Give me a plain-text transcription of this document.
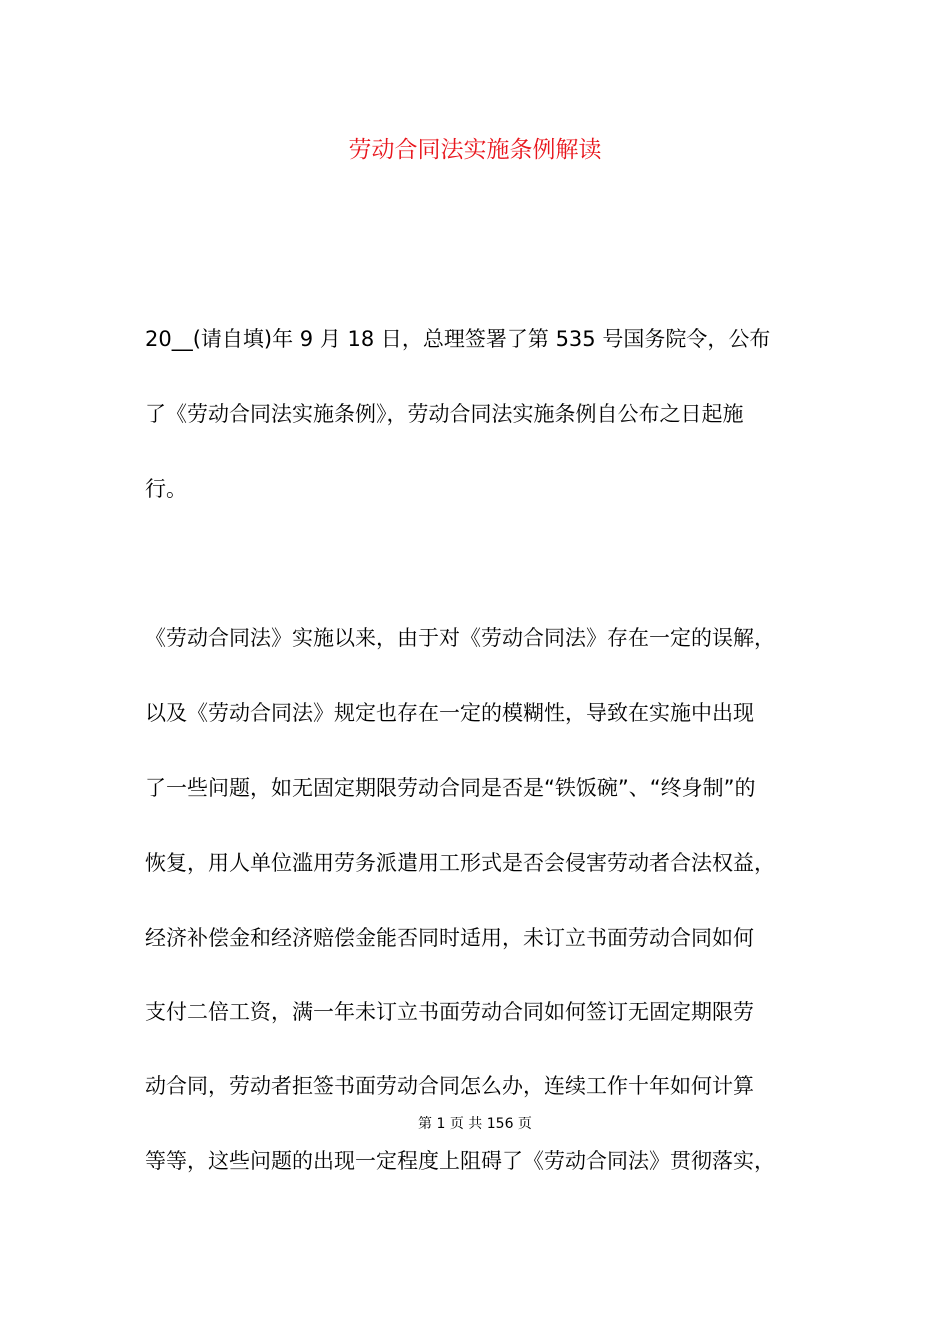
劳动合同法实施条例解读

20__(请自填)年 9 月 18 日，总理签署了第 535 号国务院令，公布

了《劳动合同法实施条例》，劳动合同法实施条例自公布之日起施

行。

《劳动合同法》实施以来，由于对《劳动合同法》存在一定的误解，

以及《劳动合同法》规定也存在一定的模糊性，导致在实施中出现

了一些问题，如无固定期限劳动合同是否是“铁饭碗”、“终身制”的

恢复，用人单位滥用劳务派遣用工形式是否会侵害劳动者合法权益，

经济补偿金和经济赔偿金能否同时适用，未订立书面劳动合同如何

支付二倍工资，满一年未订立书面劳动合同如何签订无固定期限劳

动合同，劳动者拒签书面劳动合同怎么办，连续工作十年如何计算

第 1 页 共 156 页

等等，这些问题的出现一定程度上阻碍了《劳动合同法》贯彻落实，
